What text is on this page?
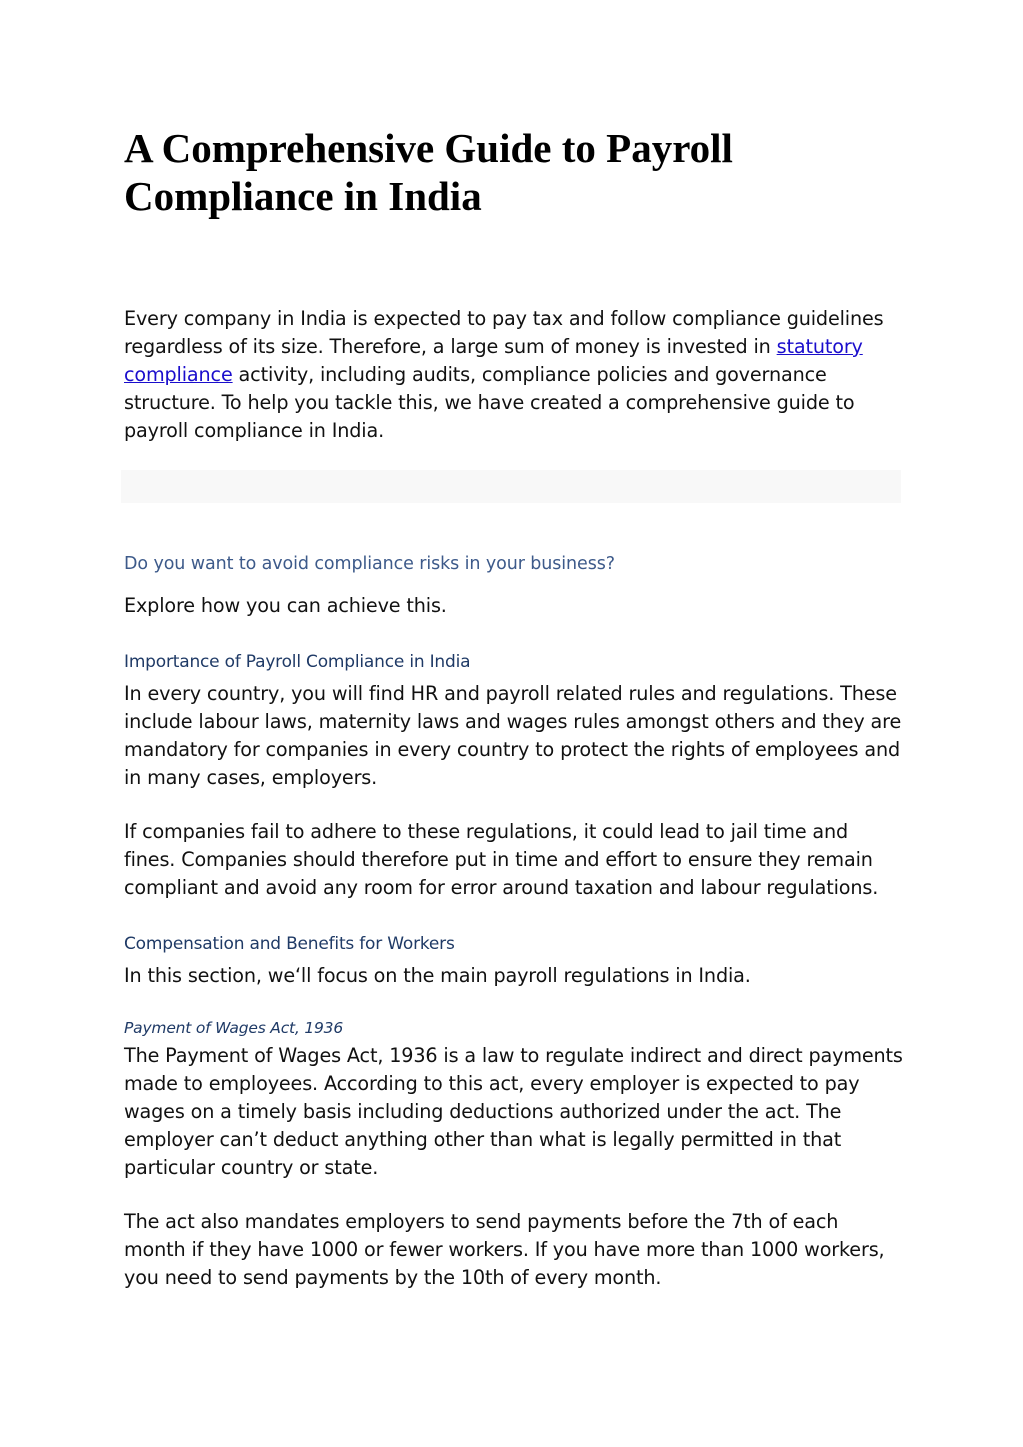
A Comprehensive Guide to Payroll Compliance in India

Every company in India is expected to pay tax and follow compliance guidelines regardless of its size. Therefore, a large sum of money is invested in statutory compliance activity, including audits, compliance policies and governance structure. To help you tackle this, we have created a comprehensive guide to payroll compliance in India.

Do you want to avoid compliance risks in your business?

Explore how you can achieve this.

Importance of Payroll Compliance in India

In every country, you will find HR and payroll related rules and regulations. These include labour laws, maternity laws and wages rules amongst others and they are mandatory for companies in every country to protect the rights of employees and in many cases, employers.

If companies fail to adhere to these regulations, it could lead to jail time and fines. Companies should therefore put in time and effort to ensure they remain compliant and avoid any room for error around taxation and labour regulations.

Compensation and Benefits for Workers

In this section, we‘ll focus on the main payroll regulations in India.

Payment of Wages Act, 1936

The Payment of Wages Act, 1936 is a law to regulate indirect and direct payments made to employees. According to this act, every employer is expected to pay wages on a timely basis including deductions authorized under the act. The employer can’t deduct anything other than what is legally permitted in that particular country or state.

The act also mandates employers to send payments before the 7th of each month if they have 1000 or fewer workers. If you have more than 1000 workers, you need to send payments by the 10th of every month.
